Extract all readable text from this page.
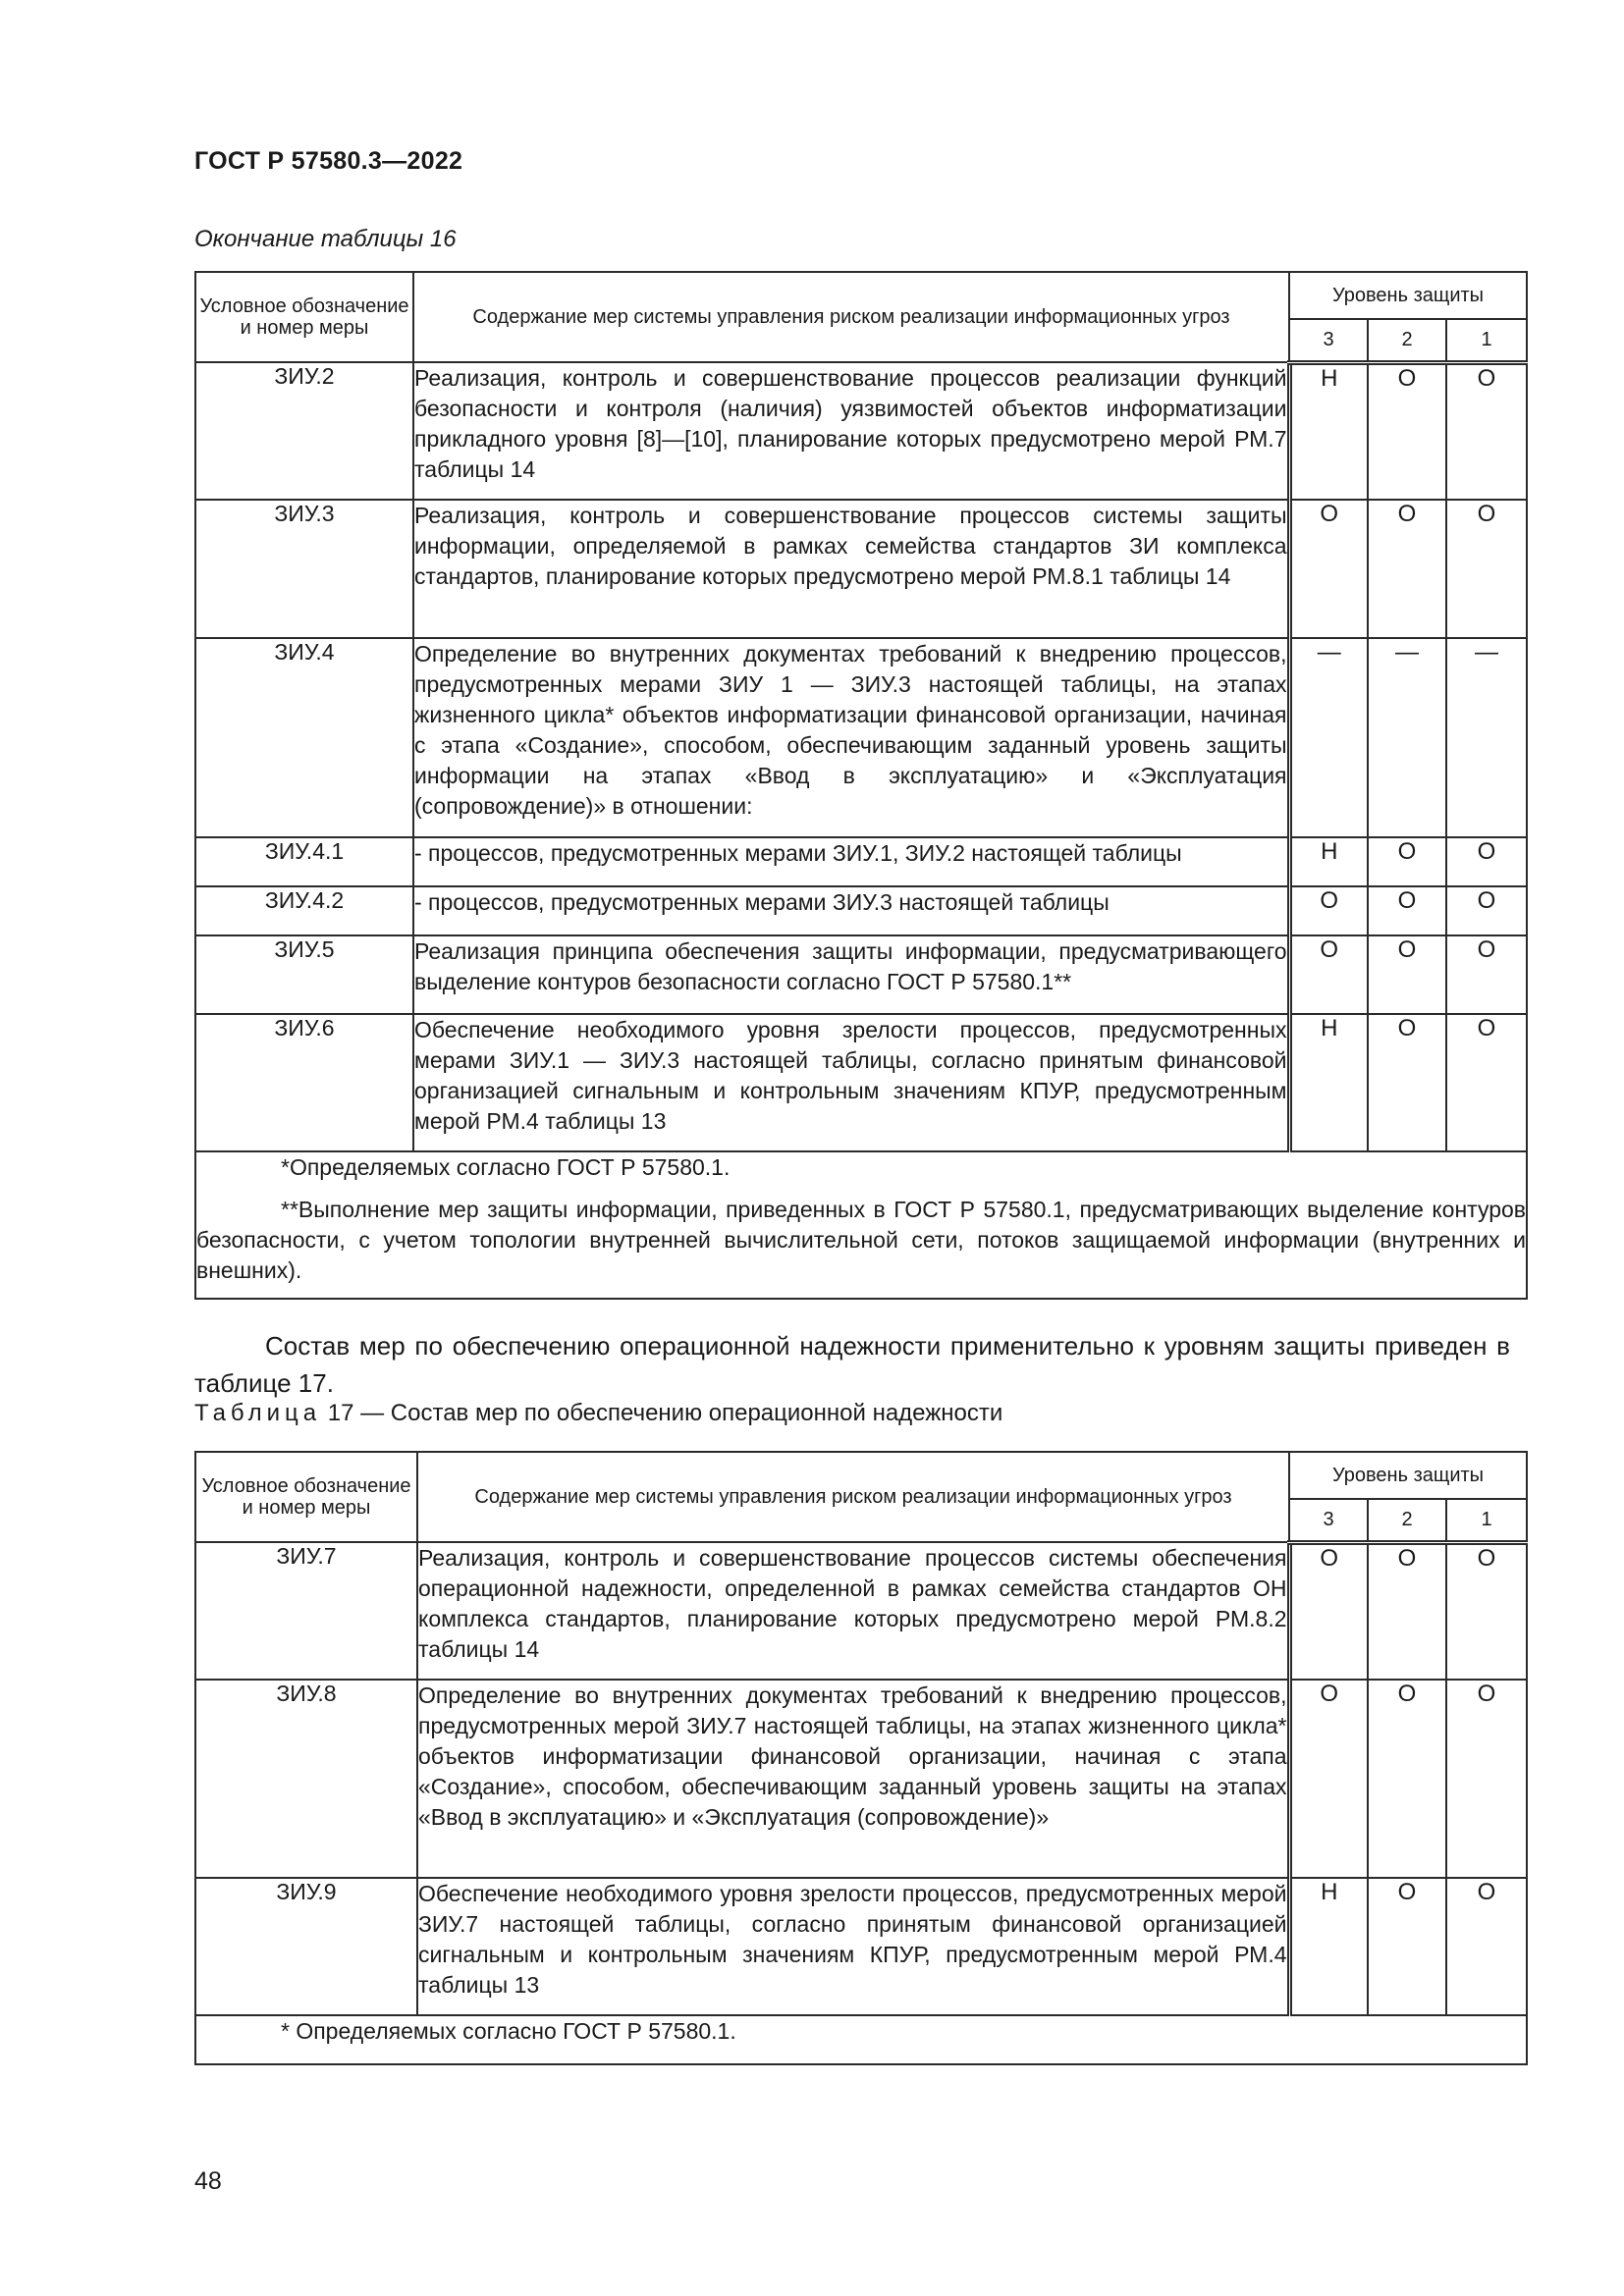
ГОСТ Р 57580.3—2022
Окончание таблицы 16
Условное обозначение и номер меры	Содержание мер системы управления риском реализации информационных угроз	Уровень защиты		
		3	2	1
ЗИУ.2	Реализация, контроль и совершенствование процессов реализации функций безопасности и контроля (наличия) уязвимостей объектов информатизации прикладного уровня [8]—[10], планирование которых предусмотрено мерой РМ.7 таблицы 14	Н	О	О
ЗИУ.3	Реализация, контроль и совершенствование процессов системы защиты информации, определяемой в рамках семейства стандартов ЗИ комплекса стандартов, планирование которых предусмотрено мерой РМ.8.1 таблицы 14	О	О	О
ЗИУ.4	Определение во внутренних документах требований к внедрению процессов, предусмотренных мерами ЗИУ 1 — ЗИУ.3 настоящей таблицы, на этапах жизненного цикла* объектов информатизации финансовой организации, начиная с этапа «Создание», способом, обеспечивающим заданный уровень защиты информации на этапах «Ввод в эксплуатацию» и «Эксплуатация (сопровождение)» в отношении:	—	—	—
ЗИУ.4.1	- процессов, предусмотренных мерами ЗИУ.1, ЗИУ.2 настоящей таблицы	Н	О	О
ЗИУ.4.2	- процессов, предусмотренных мерами ЗИУ.3 настоящей таблицы	О	О	О
ЗИУ.5	Реализация принципа обеспечения защиты информации, предусматривающего выделение контуров безопасности согласно ГОСТ Р 57580.1**	О	О	О
ЗИУ.6	Обеспечение необходимого уровня зрелости процессов, предусмотренных мерами ЗИУ.1 — ЗИУ.3 настоящей таблицы, согласно принятым финансовой организацией сигнальным и контрольным значениям КПУР, предусмотренным мерой РМ.4 таблицы 13	Н	О	О

*Определяемых согласно ГОСТ Р 57580.1.
**Выполнение мер защиты информации, приведенных в ГОСТ Р 57580.1, предусматривающих выделение контуров безопасности, с учетом топологии внутренней вычислительной сети, потоков защищаемой информации (внутренних и внешних).				
Состав мер по обеспечению операционной надежности применительно к уровням защиты приведен в таблице 17.
Таблица 17 — Состав мер по обеспечению операционной надежности
Условное обозначение и номер меры	Содержание мер системы управления риском реализации информационных угроз	Уровень защиты		
		3	2	1
ЗИУ.7	Реализация, контроль и совершенствование процессов системы обеспечения операционной надежности, определенной в рамках семейства стандартов ОН комплекса стандартов, планирование которых предусмотрено мерой РМ.8.2 таблицы 14	О	О	О
ЗИУ.8	Определение во внутренних документах требований к внедрению процессов, предусмотренных мерой ЗИУ.7 настоящей таблицы, на этапах жизненного цикла* объектов информатизации финансовой организации, начиная с этапа «Создание», способом, обеспечивающим заданный уровень защиты на этапах «Ввод в эксплуатацию» и «Эксплуатация (сопровождение)»	О	О	О
ЗИУ.9	Обеспечение необходимого уровня зрелости процессов, предусмотренных мерой ЗИУ.7 настоящей таблицы, согласно принятым финансовой организацией сигнальным и контрольным значениям КПУР, предусмотренным мерой РМ.4 таблицы 13	Н	О	О

* Определяемых согласно ГОСТ Р 57580.1.				
48
